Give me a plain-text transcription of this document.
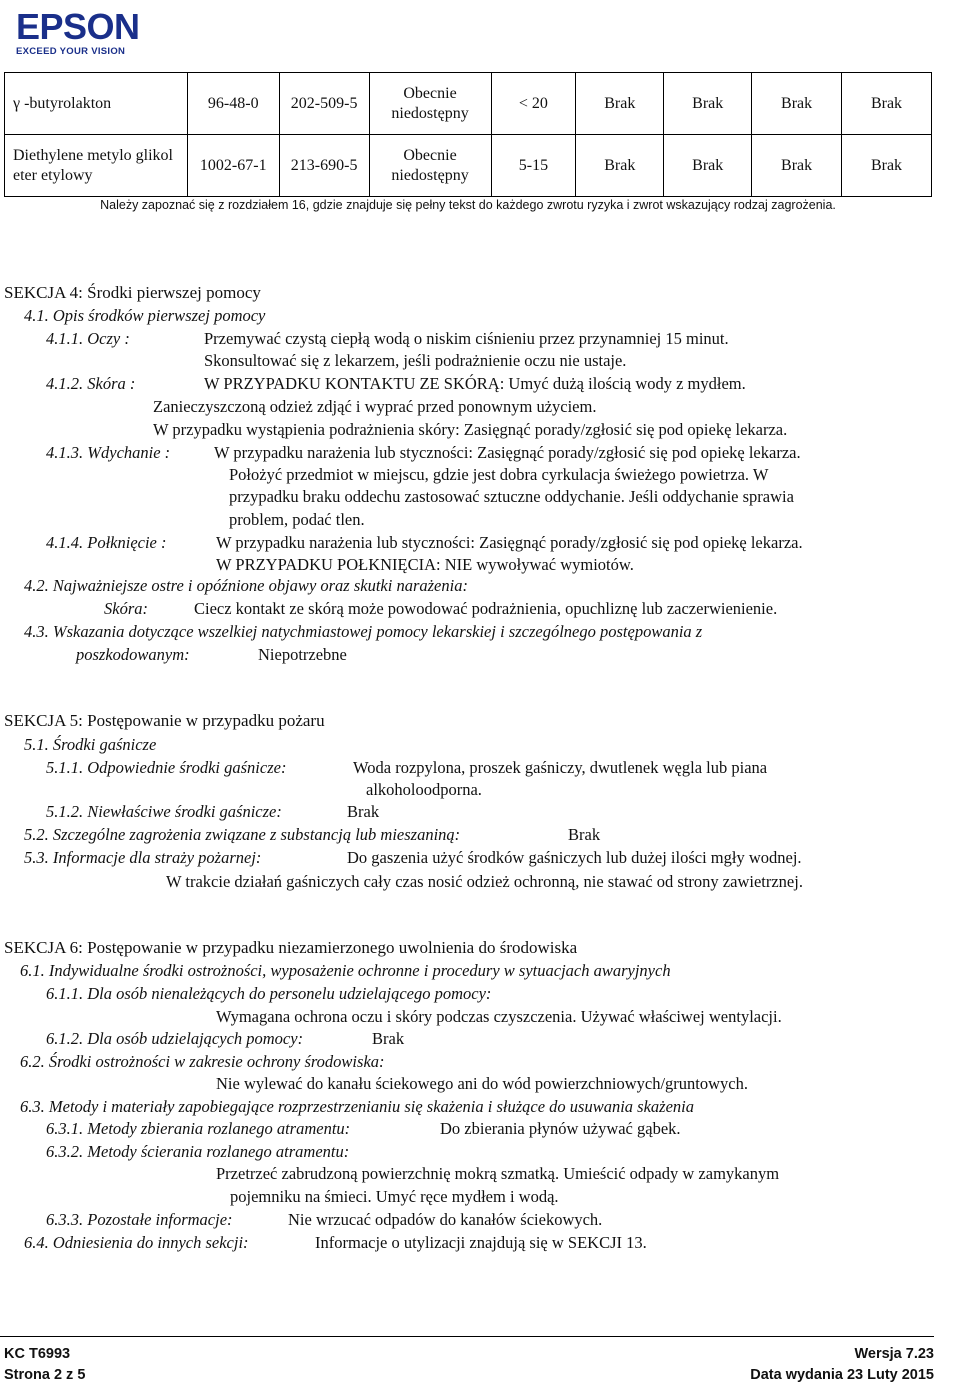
EPSON
EXCEED YOUR VISION
γ -butyrolakton	96-48-0	202-509-5	Obecnie niedostępny	< 20	Brak	Brak	Brak	Brak
Diethylene metylo glikol eter etylowy	1002-67-1	213-690-5	Obecnie niedostępny	5-15	Brak	Brak	Brak	Brak
Należy zapoznać się z rozdziałem 16, gdzie znajduje się pełny tekst do każdego zwrotu ryzyka i zwrot wskazujący rodzaj zagrożenia.
SEKCJA 4: Środki pierwszej pomocy
4.1. Opis środków pierwszej pomocy
4.1.1. Oczy :	Przemywać czystą ciepłą wodą o niskim ciśnieniu przez przynamniej 15 minut.
Skonsultować się z lekarzem, jeśli podrażnienie oczu nie ustaje.
4.1.2. Skóra :	W PRZYPADKU KONTAKTU ZE SKÓRĄ: Umyć dużą ilością wody z mydłem.
Zanieczyszczoną odzież zdjąć i wyprać przed ponownym użyciem.
W przypadku wystąpienia podrażnienia skóry: Zasięgnąć porady/zgłosić się pod opiekę lekarza.
4.1.3. Wdychanie :	W przypadku narażenia lub styczności: Zasięgnąć porady/zgłosić się pod opiekę lekarza.
Położyć przedmiot w miejscu, gdzie jest dobra cyrkulacja świeżego powietrza. W
przypadku braku oddechu zastosować sztuczne oddychanie. Jeśli oddychanie sprawia
problem, podać tlen.
4.1.4. Połknięcie :	W przypadku narażenia lub styczności: Zasięgnąć porady/zgłosić się pod opiekę lekarza.
W PRZYPADKU POŁKNIĘCIA: NIE wywoływać wymiotów.
4.2. Najważniejsze ostre i opóźnione objawy oraz skutki narażenia:
Skóra:	Ciecz kontakt ze skórą może powodować podrażnienia, opuchliznę lub zaczerwienienie.
4.3. Wskazania dotyczące wszelkiej natychmiastowej pomocy lekarskiej i szczególnego postępowania z
poszkodowanym:	Niepotrzebne
SEKCJA 5: Postępowanie w przypadku pożaru
5.1. Środki gaśnicze
5.1.1. Odpowiednie środki gaśnicze:	Woda rozpylona, proszek gaśniczy, dwutlenek węgla lub piana
alkoholoodporna.
5.1.2. Niewłaściwe środki gaśnicze:	Brak
5.2. Szczególne zagrożenia związane z substancją lub mieszaniną:	Brak
5.3. Informacje dla straży pożarnej:	Do gaszenia użyć środków gaśniczych lub dużej ilości mgły wodnej.
W trakcie działań gaśniczych cały czas nosić odzież ochronną, nie stawać od strony zawietrznej.
SEKCJA 6: Postępowanie w przypadku niezamierzonego uwolnienia do środowiska
6.1. Indywidualne środki ostrożności, wyposażenie ochronne i procedury w sytuacjach awaryjnych
6.1.1. Dla osób nienależących do personelu udzielającego pomocy:
Wymagana ochrona oczu i skóry podczas czyszczenia. Używać właściwej wentylacji.
6.1.2. Dla osób udzielających pomocy:	Brak
6.2. Środki ostrożności w zakresie ochrony środowiska:
Nie wylewać do kanału ściekowego ani do wód powierzchniowych/gruntowych.
6.3. Metody i materiały zapobiegające rozprzestrzenianiu się skażenia i służące do usuwania skażenia
6.3.1. Metody zbierania rozlanego atramentu:	Do zbierania płynów używać gąbek.
6.3.2. Metody ścierania rozlanego atramentu:
Przetrzeć zabrudzoną powierzchnię mokrą szmatką. Umieścić odpady w zamykanym
pojemniku na śmieci. Umyć ręce mydłem i wodą.
6.3.3. Pozostałe informacje:	Nie wrzucać odpadów do kanałów ściekowych.
6.4. Odniesienia do innych sekcji:	Informacje o utylizacji znajdują się w SEKCJI 13.
KC T6993
Strona 2 z 5
Wersja 7.23
Data wydania 23 Luty 2015
